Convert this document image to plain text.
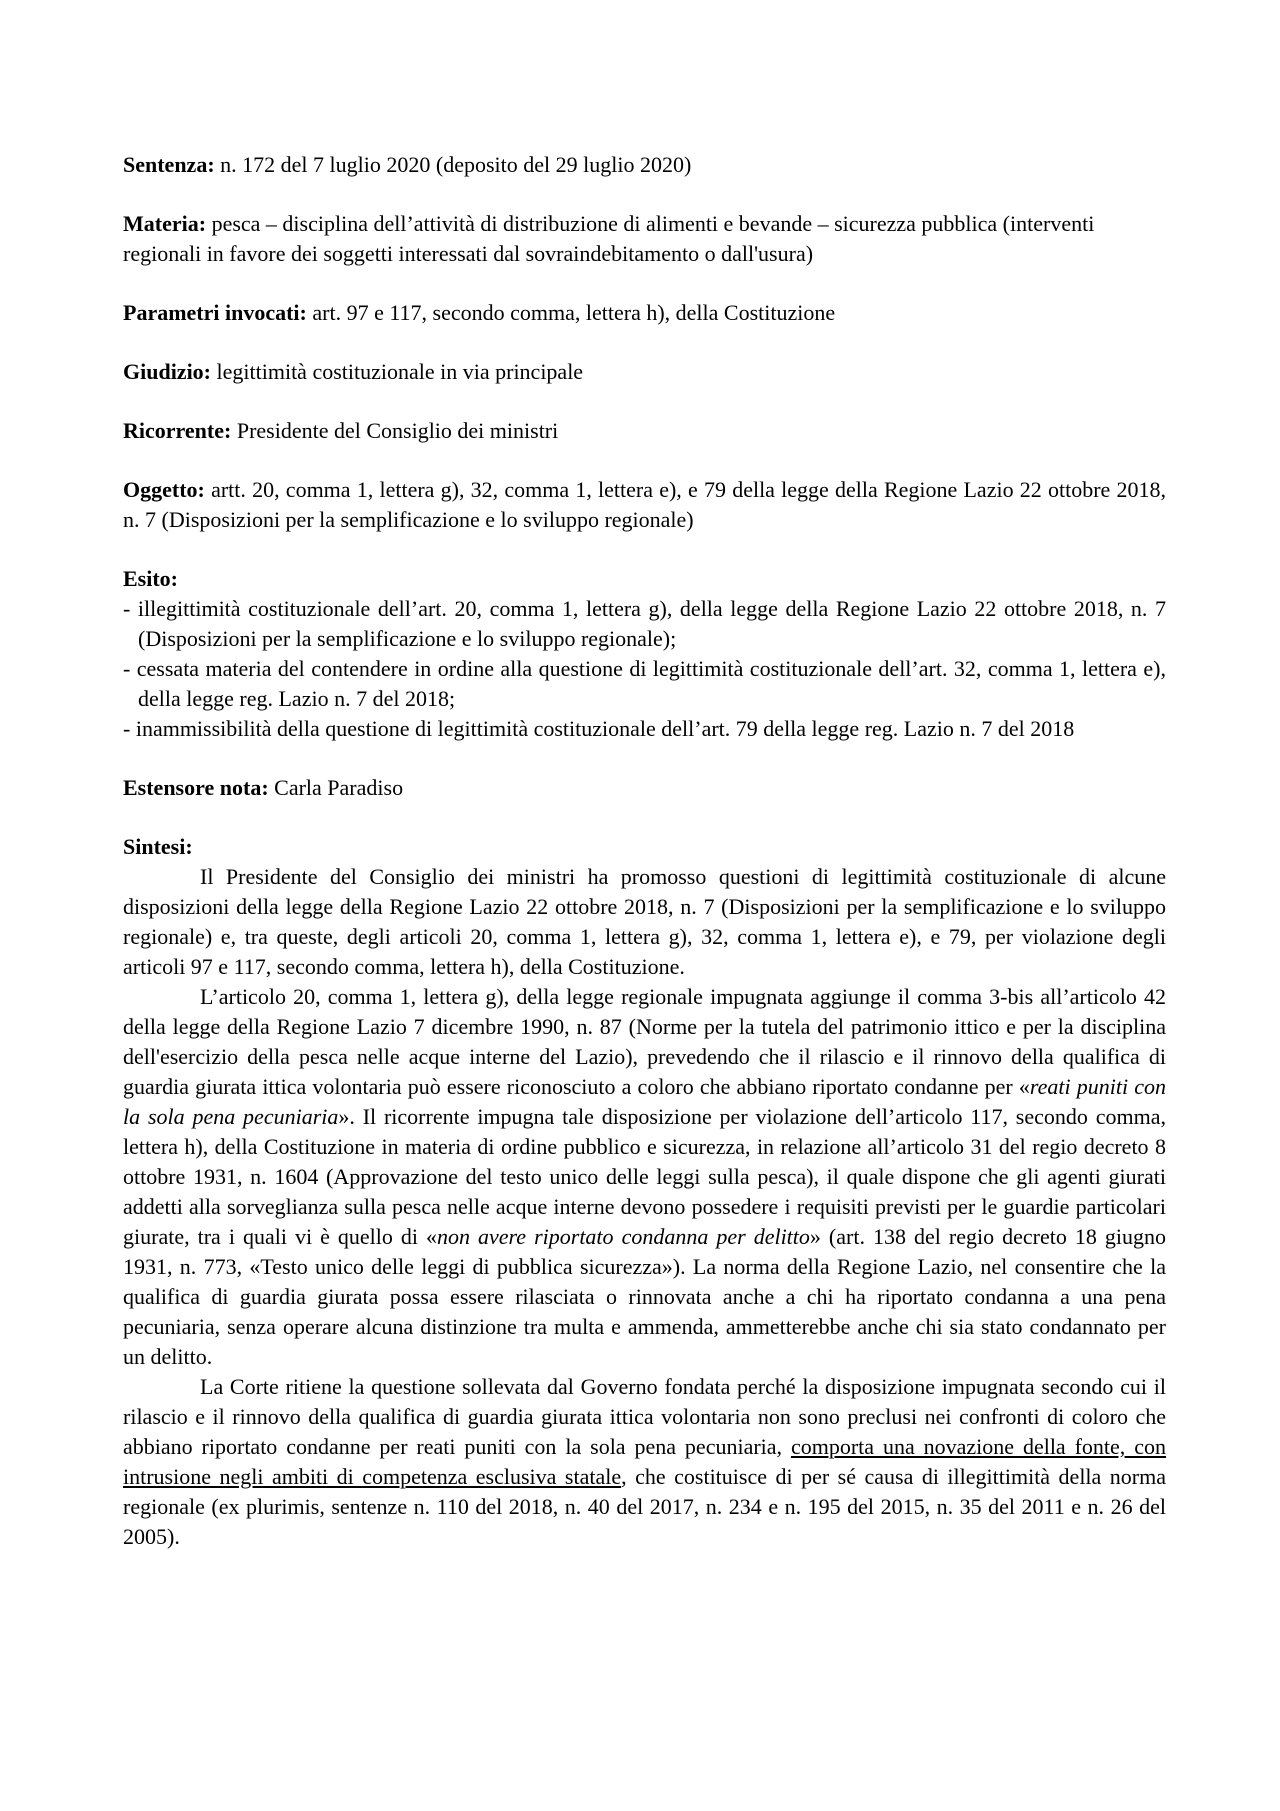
Sentenza: n. 172 del 7 luglio 2020 (deposito del 29 luglio 2020)

Materia: pesca – disciplina dell’attività di distribuzione di alimenti e bevande – sicurezza pubblica (interventi regionali in favore dei soggetti interessati dal sovraindebitamento o dall'usura)

Parametri invocati: art. 97 e 117, secondo comma, lettera h), della Costituzione

Giudizio: legittimità costituzionale in via principale

Ricorrente: Presidente del Consiglio dei ministri

Oggetto: artt. 20, comma 1, lettera g), 32, comma 1, lettera e), e 79 della legge della Regione Lazio 22 ottobre 2018, n. 7 (Disposizioni per la semplificazione e lo sviluppo regionale)

Esito:

- illegittimità costituzionale dell’art. 20, comma 1, lettera g), della legge della Regione Lazio 22 ottobre 2018, n. 7 (Disposizioni per la semplificazione e lo sviluppo regionale);
- cessata materia del contendere in ordine alla questione di legittimità costituzionale dell’art. 32, comma 1, lettera e), della legge reg. Lazio n. 7 del 2018;
- inammissibilità della questione di legittimità costituzionale dell’art. 79 della legge reg. Lazio n. 7 del 2018

Estensore nota: Carla Paradiso

Sintesi:

Il Presidente del Consiglio dei ministri ha promosso questioni di legittimità costituzionale di alcune disposizioni della legge della Regione Lazio 22 ottobre 2018, n. 7 (Disposizioni per la semplificazione e lo sviluppo regionale) e, tra queste, degli articoli 20, comma 1, lettera g), 32, comma 1, lettera e), e 79, per violazione degli articoli 97 e 117, secondo comma, lettera h), della Costituzione.

L’articolo 20, comma 1, lettera g), della legge regionale impugnata aggiunge il comma 3-bis all’articolo 42 della legge della Regione Lazio 7 dicembre 1990, n. 87 (Norme per la tutela del patrimonio ittico e per la disciplina dell'esercizio della pesca nelle acque interne del Lazio), prevedendo che il rilascio e il rinnovo della qualifica di guardia giurata ittica volontaria può essere riconosciuto a coloro che abbiano riportato condanne per «reati puniti con la sola pena pecuniaria». Il ricorrente impugna tale disposizione per violazione dell’articolo 117, secondo comma, lettera h), della Costituzione in materia di ordine pubblico e sicurezza, in relazione all’articolo 31 del regio decreto 8 ottobre 1931, n. 1604 (Approvazione del testo unico delle leggi sulla pesca), il quale dispone che gli agenti giurati addetti alla sorveglianza sulla pesca nelle acque interne devono possedere i requisiti previsti per le guardie particolari giurate, tra i quali vi è quello di «non avere riportato condanna per delitto» (art. 138 del regio decreto 18 giugno 1931, n. 773, «Testo unico delle leggi di pubblica sicurezza»). La norma della Regione Lazio, nel consentire che la qualifica di guardia giurata possa essere rilasciata o rinnovata anche a chi ha riportato condanna a una pena pecuniaria, senza operare alcuna distinzione tra multa e ammenda, ammetterebbe anche chi sia stato condannato per un delitto.

La Corte ritiene la questione sollevata dal Governo fondata perché la disposizione impugnata secondo cui il rilascio e il rinnovo della qualifica di guardia giurata ittica volontaria non sono preclusi nei confronti di coloro che abbiano riportato condanne per reati puniti con la sola pena pecuniaria, comporta una novazione della fonte, con intrusione negli ambiti di competenza esclusiva statale, che costituisce di per sé causa di illegittimità della norma regionale (ex plurimis, sentenze n. 110 del 2018, n. 40 del 2017, n. 234 e n. 195 del 2015, n. 35 del 2011 e n. 26 del 2005).
